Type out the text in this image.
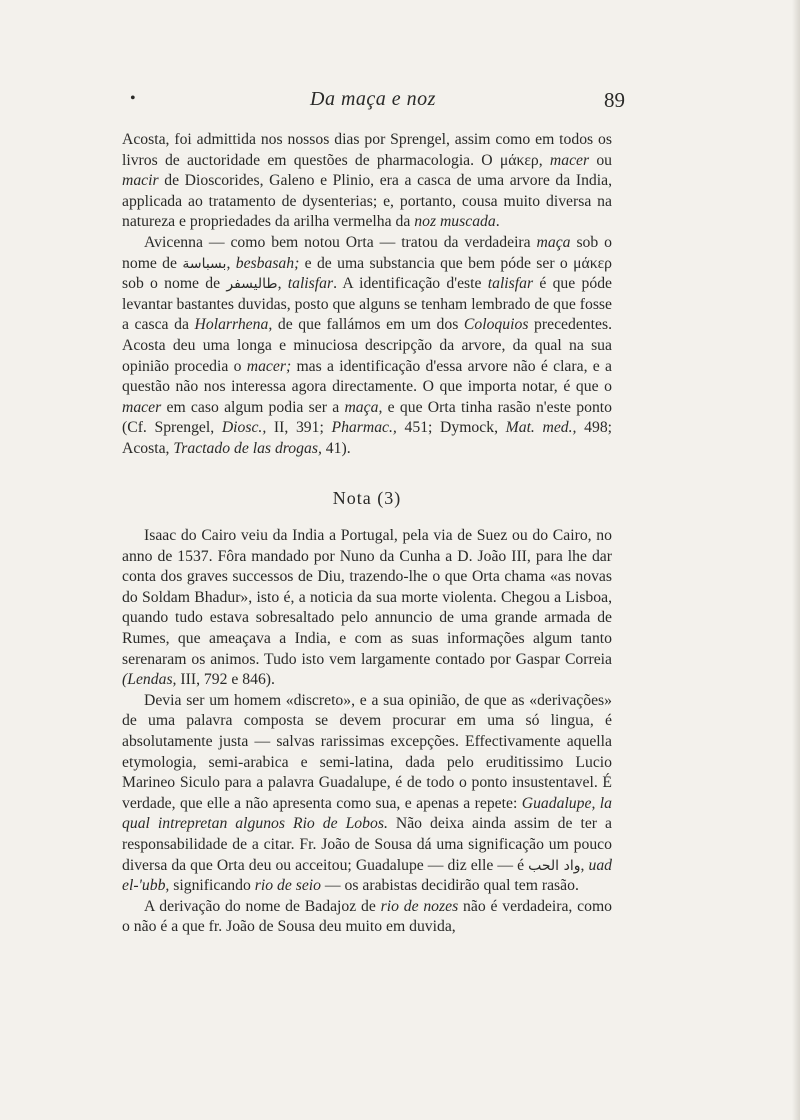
•	Da maça e noz	89

Acosta, foi admittida nos nossos dias por Sprengel, assim como em todos os livros de auctoridade em questões de pharmacologia. O μάκερ, macer ou macir de Dioscorides, Galeno e Plinio, era a casca de uma arvore da India, applicada ao tratamento de dysenterias; e, portanto, cousa muito diversa na natureza e propriedades da arilha vermelha da noz muscada.

Avicenna — como bem notou Orta — tratou da verdadeira maça sob o nome de بسباسة, besbasah; e de uma substancia que bem póde ser o μάκερ sob o nome de طاليسفر, talisfar. A identificação d'este talisfar é que póde levantar bastantes duvidas, posto que alguns se tenham lembrado de que fosse a casca da Holarrhena, de que fallámos em um dos Coloquios precedentes. Acosta deu uma longa e minuciosa descripção da arvore, da qual na sua opinião procedia o macer; mas a identificação d'essa arvore não é clara, e a questão não nos interessa agora directamente. O que importa notar, é que o macer em caso algum podia ser a maça, e que Orta tinha rasão n'este ponto (Cf. Sprengel, Diosc., II, 391; Pharmac., 451; Dymock, Mat. med., 498; Acosta, Tractado de las drogas, 41).

Nota (3)

Isaac do Cairo veiu da India a Portugal, pela via de Suez ou do Cairo, no anno de 1537. Fôra mandado por Nuno da Cunha a D. João III, para lhe dar conta dos graves successos de Diu, trazendo-lhe o que Orta chama «as novas do Soldam Bhadur», isto é, a noticia da sua morte violenta. Chegou a Lisboa, quando tudo estava sobresaltado pelo annuncio de uma grande armada de Rumes, que ameaçava a India, e com as suas informações algum tanto serenaram os animos. Tudo isto vem largamente contado por Gaspar Correia (Lendas, III, 792 e 846).

Devia ser um homem «discreto», e a sua opinião, de que as «derivações» de uma palavra composta se devem procurar em uma só lingua, é absolutamente justa — salvas rarissimas excepções. Effectivamente aquella etymologia, semi-arabica e semi-latina, dada pelo eruditissimo Lucio Marineo Siculo para a palavra Guadalupe, é de todo o ponto insustentavel. É verdade, que elle a não apresenta como sua, e apenas a repete: Guadalupe, la qual intrepretan algunos Rio de Lobos. Não deixa ainda assim de ter a responsabilidade de a citar. Fr. João de Sousa dá uma significação um pouco diversa da que Orta deu ou acceitou; Guadalupe — diz elle — é واد الحب, uad el-'ubb, significando rio de seio — os arabistas decidirão qual tem rasão.

A derivação do nome de Badajoz de rio de nozes não é verdadeira, como o não é a que fr. João de Sousa deu muito em duvida,
